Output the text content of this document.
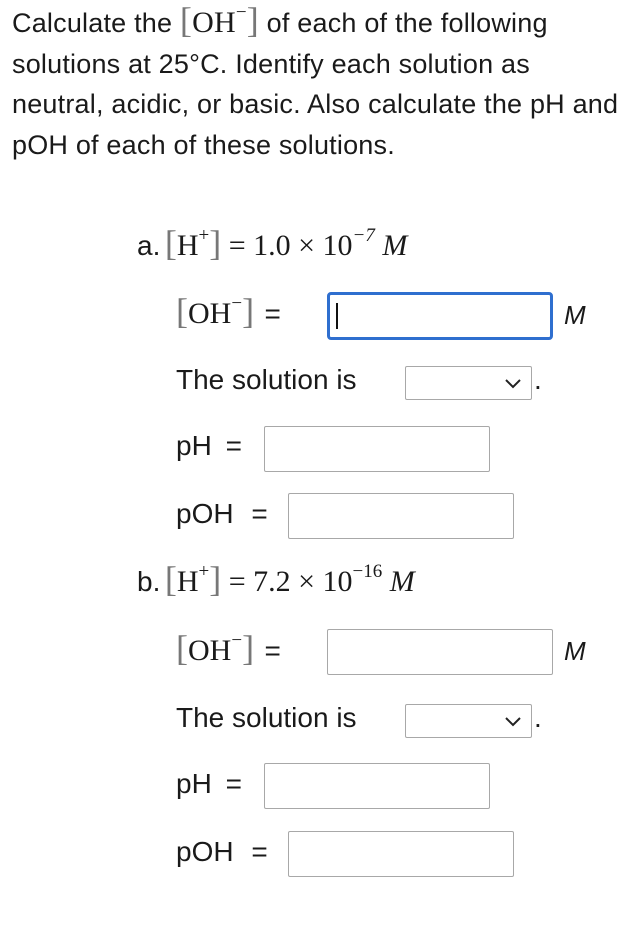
Calculate the [OH−] of each of the following solutions at 25°C. Identify each solution as neutral, acidic, or basic. Also calculate the pH and pOH of each of these solutions.
a. $[H^+] = 1.0 \times 10^{-7}$ M
[OH−] =	M
The solution is	.
pH =
pOH =
b. $[H^+] = 7.2 \times 10^{-16}$ M
[OH−] =	M
The solution is	.
pH =
pOH =
